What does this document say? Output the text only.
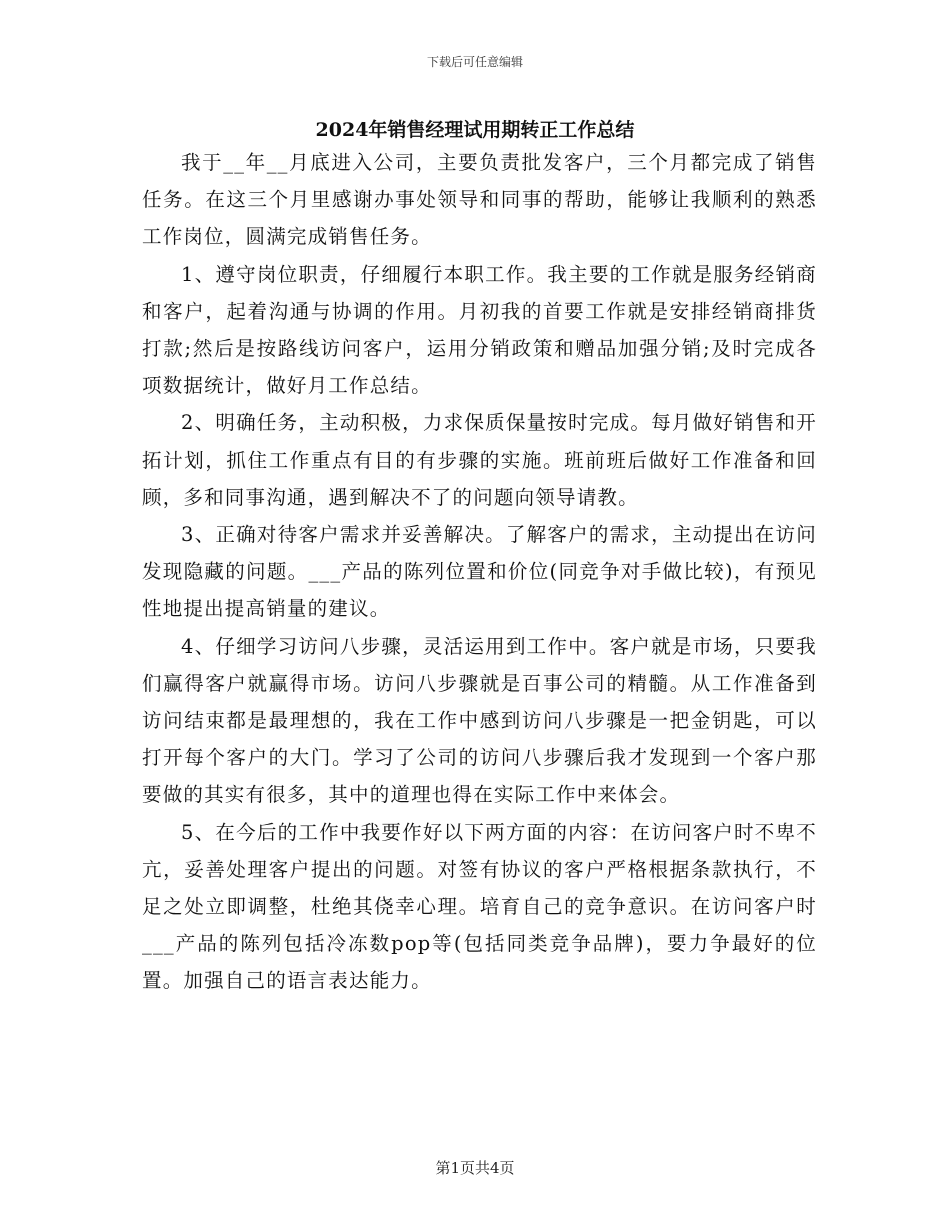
下载后可任意编辑
2024年销售经理试用期转正工作总结

我于__年__月底进入公司，主要负责批发客户，三个月都完成了销售任务。在这三个月里感谢办事处领导和同事的帮助，能够让我顺利的熟悉工作岗位，圆满完成销售任务。

1、遵守岗位职责，仔细履行本职工作。我主要的工作就是服务经销商和客户，起着沟通与协调的作用。月初我的首要工作就是安排经销商排货打款;然后是按路线访问客户，运用分销政策和赠品加强分销;及时完成各项数据统计，做好月工作总结。

2、明确任务，主动积极，力求保质保量按时完成。每月做好销售和开拓计划，抓住工作重点有目的有步骤的实施。班前班后做好工作准备和回顾，多和同事沟通，遇到解决不了的问题向领导请教。

3、正确对待客户需求并妥善解决。了解客户的需求，主动提出在访问发现隐藏的问题。___产品的陈列位置和价位(同竞争对手做比较)，有预见性地提出提高销量的建议。

4、仔细学习访问八步骤，灵活运用到工作中。客户就是市场，只要我们赢得客户就赢得市场。访问八步骤就是百事公司的精髓。从工作准备到访问结束都是最理想的，我在工作中感到访问八步骤是一把金钥匙，可以打开每个客户的大门。学习了公司的访问八步骤后我才发现到一个客户那要做的其实有很多，其中的道理也得在实际工作中来体会。

5、在今后的工作中我要作好以下两方面的内容：在访问客户时不卑不亢，妥善处理客户提出的问题。对签有协议的客户严格根据条款执行，不足之处立即调整，杜绝其侥幸心理。培育自己的竞争意识。在访问客户时___产品的陈列包括冷冻数pop等(包括同类竞争品牌)，要力争最好的位置。加强自己的语言表达能力。

第1页共4页
